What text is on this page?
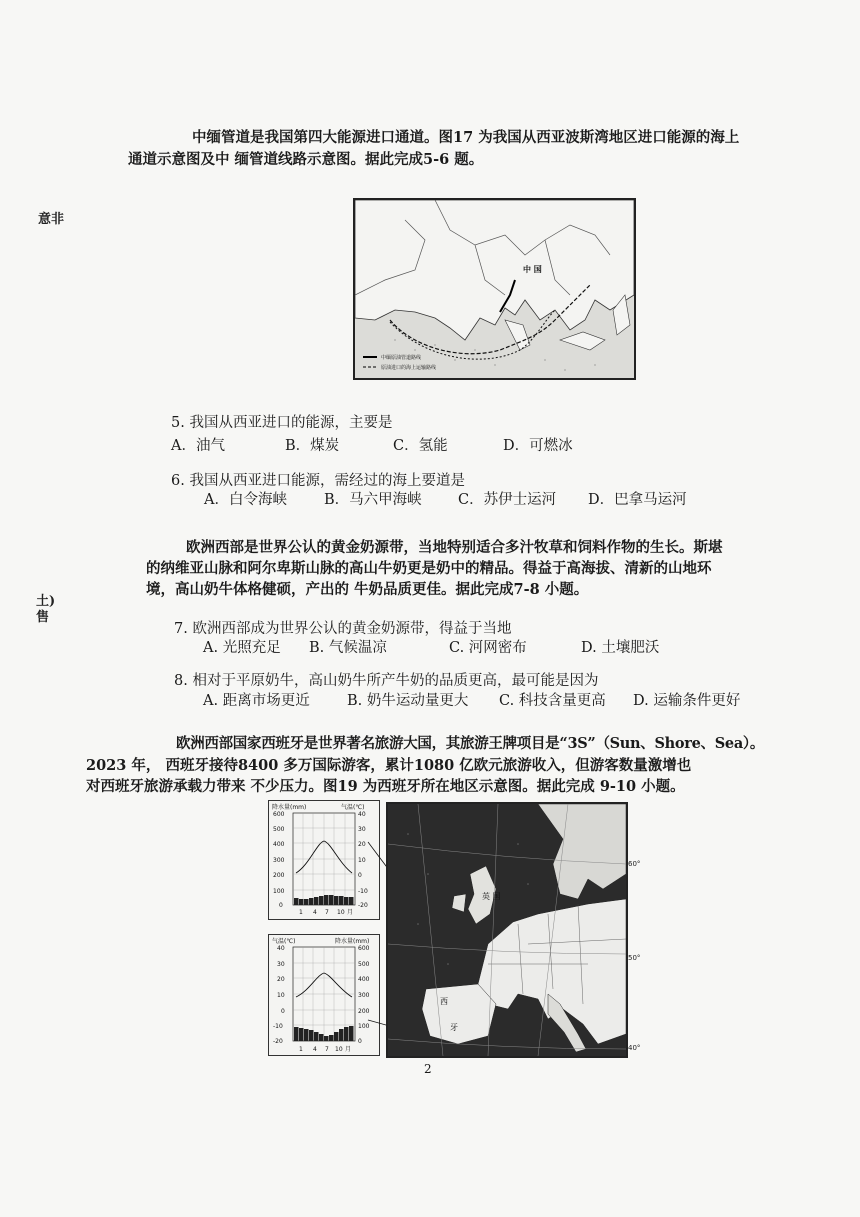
中缅管道是我国第四大能源进口通道。图17 为我国从西亚波斯湾地区进口能源的海上
通道示意图及中 缅管道线路示意图。据此完成5-6 题。
意非
中 国
中缅原油管道路线
原油进口的海上运输路线
5. 我国从西亚进口的能源，主要是
A．油气	B．煤炭	C．氢能	D．可燃冰
6. 我国从西亚进口能源，需经过的海上要道是
A．白令海峡	B．马六甲海峡	C．苏伊士运河 D．巴拿马运河
欧洲西部是世界公认的黄金奶源带，当地特别适合多汁牧草和饲料作物的生长。斯堪
的纳维亚山脉和阿尔卑斯山脉的高山牛奶更是奶中的精品。得益于高海拔、清新的山地环
境，高山奶牛体格健硕，产出的 牛奶品质更佳。据此完成7-8 小题。
土)
售
7. 欧洲西部成为世界公认的黄金奶源带，得益于当地
A. 光照充足 B. 气候温凉	C. 河网密布	D. 土壤肥沃
8. 相对于平原奶牛，高山奶牛所产牛奶的品质更高，最可能是因为
A. 距离市场更近	B. 奶牛运动量更大 C. 科技含量更高 D. 运输条件更好
欧洲西部国家西班牙是世界著名旅游大国，其旅游王牌项目是“3S”（Sun、Shore、Sea）。
2023 年， 西班牙接待8400 多万国际游客，累计1080 亿欧元旅游收入，但游客数量激增也
对西班牙旅游承载力带来 不少压力。图19 为西班牙所在地区示意图。据此完成 9-10 小题。
降水量(mm)	气温(℃)
600
500
400
300
200
100
0
40
30
20
10
0
-10
-20
1 4 7 10 月
气温(℃)	降水量(mm)
40
30
20
10
0
-10
-20
600
500
400
300
200
100
0
1 4 7 10 月
英 国
西
牙
60°
50°
40°
2
